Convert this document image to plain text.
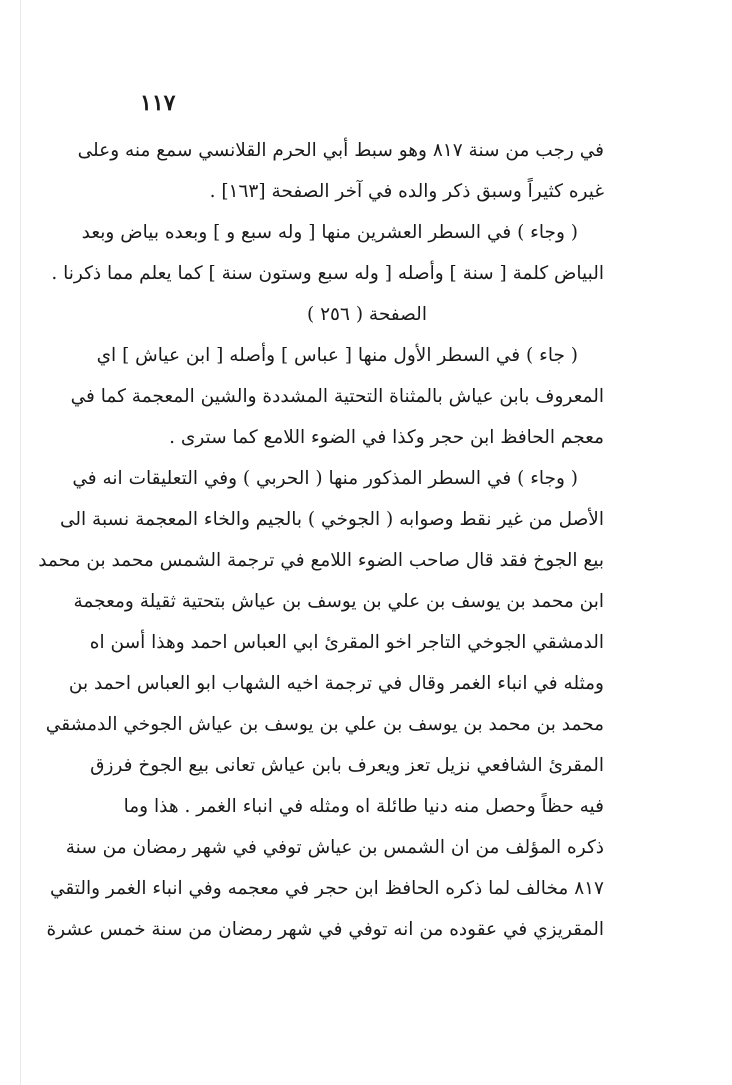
١١٧
في رجب من سنة ٨١٧ وهو سبط أبي الحرم القلانسي سمع منه وعلى
غيره كثيراً وسبق ذكر والده في آخر الصفحة [١٦٣] .
( وجاء ) في السطر العشرين منها [ وله سبع و ] وبعده بياض وبعد
البياض كلمة [ سنة ] وأصله [ وله سبع وستون سنة ] كما يعلم مما ذكرنا .
الصفحة ( ٢٥٦ )
( جاء ) في السطر الأول منها [ عباس ] وأصله [ ابن عياش ] اي
المعروف بابن عياش بالمثناة التحتية المشددة والشين المعجمة كما في
معجم الحافظ ابن حجر وكذا في الضوء اللامع كما سترى .
( وجاء ) في السطر المذكور منها ( الحربي ) وفي التعليقات انه في
الأصل من غير نقط وصوابه ( الجوخي ) بالجيم والخاء المعجمة نسبة الى
بيع الجوخ فقد قال صاحب الضوء اللامع في ترجمة الشمس محمد بن محمد
ابن محمد بن يوسف بن علي بن يوسف بن عياش بتحتية ثقيلة ومعجمة
الدمشقي الجوخي التاجر اخو المقرئ ابي العباس احمد وهذا أسن اه
ومثله في انباء الغمر وقال في ترجمة اخيه الشهاب ابو العباس احمد بن
محمد بن محمد بن يوسف بن علي بن يوسف بن عياش الجوخي الدمشقي
المقرئ الشافعي نزيل تعز ويعرف بابن عياش تعانى بيع الجوخ فرزق
فيه حظاً وحصل منه دنيا طائلة اه ومثله في انباء الغمر . هذا وما
ذكره المؤلف من ان الشمس بن عياش توفي في شهر رمضان من سنة
٨١٧ مخالف لما ذكره الحافظ ابن حجر في معجمه وفي انباء الغمر والتقي
المقريزي في عقوده من انه توفي في شهر رمضان من سنة خمس عشرة
